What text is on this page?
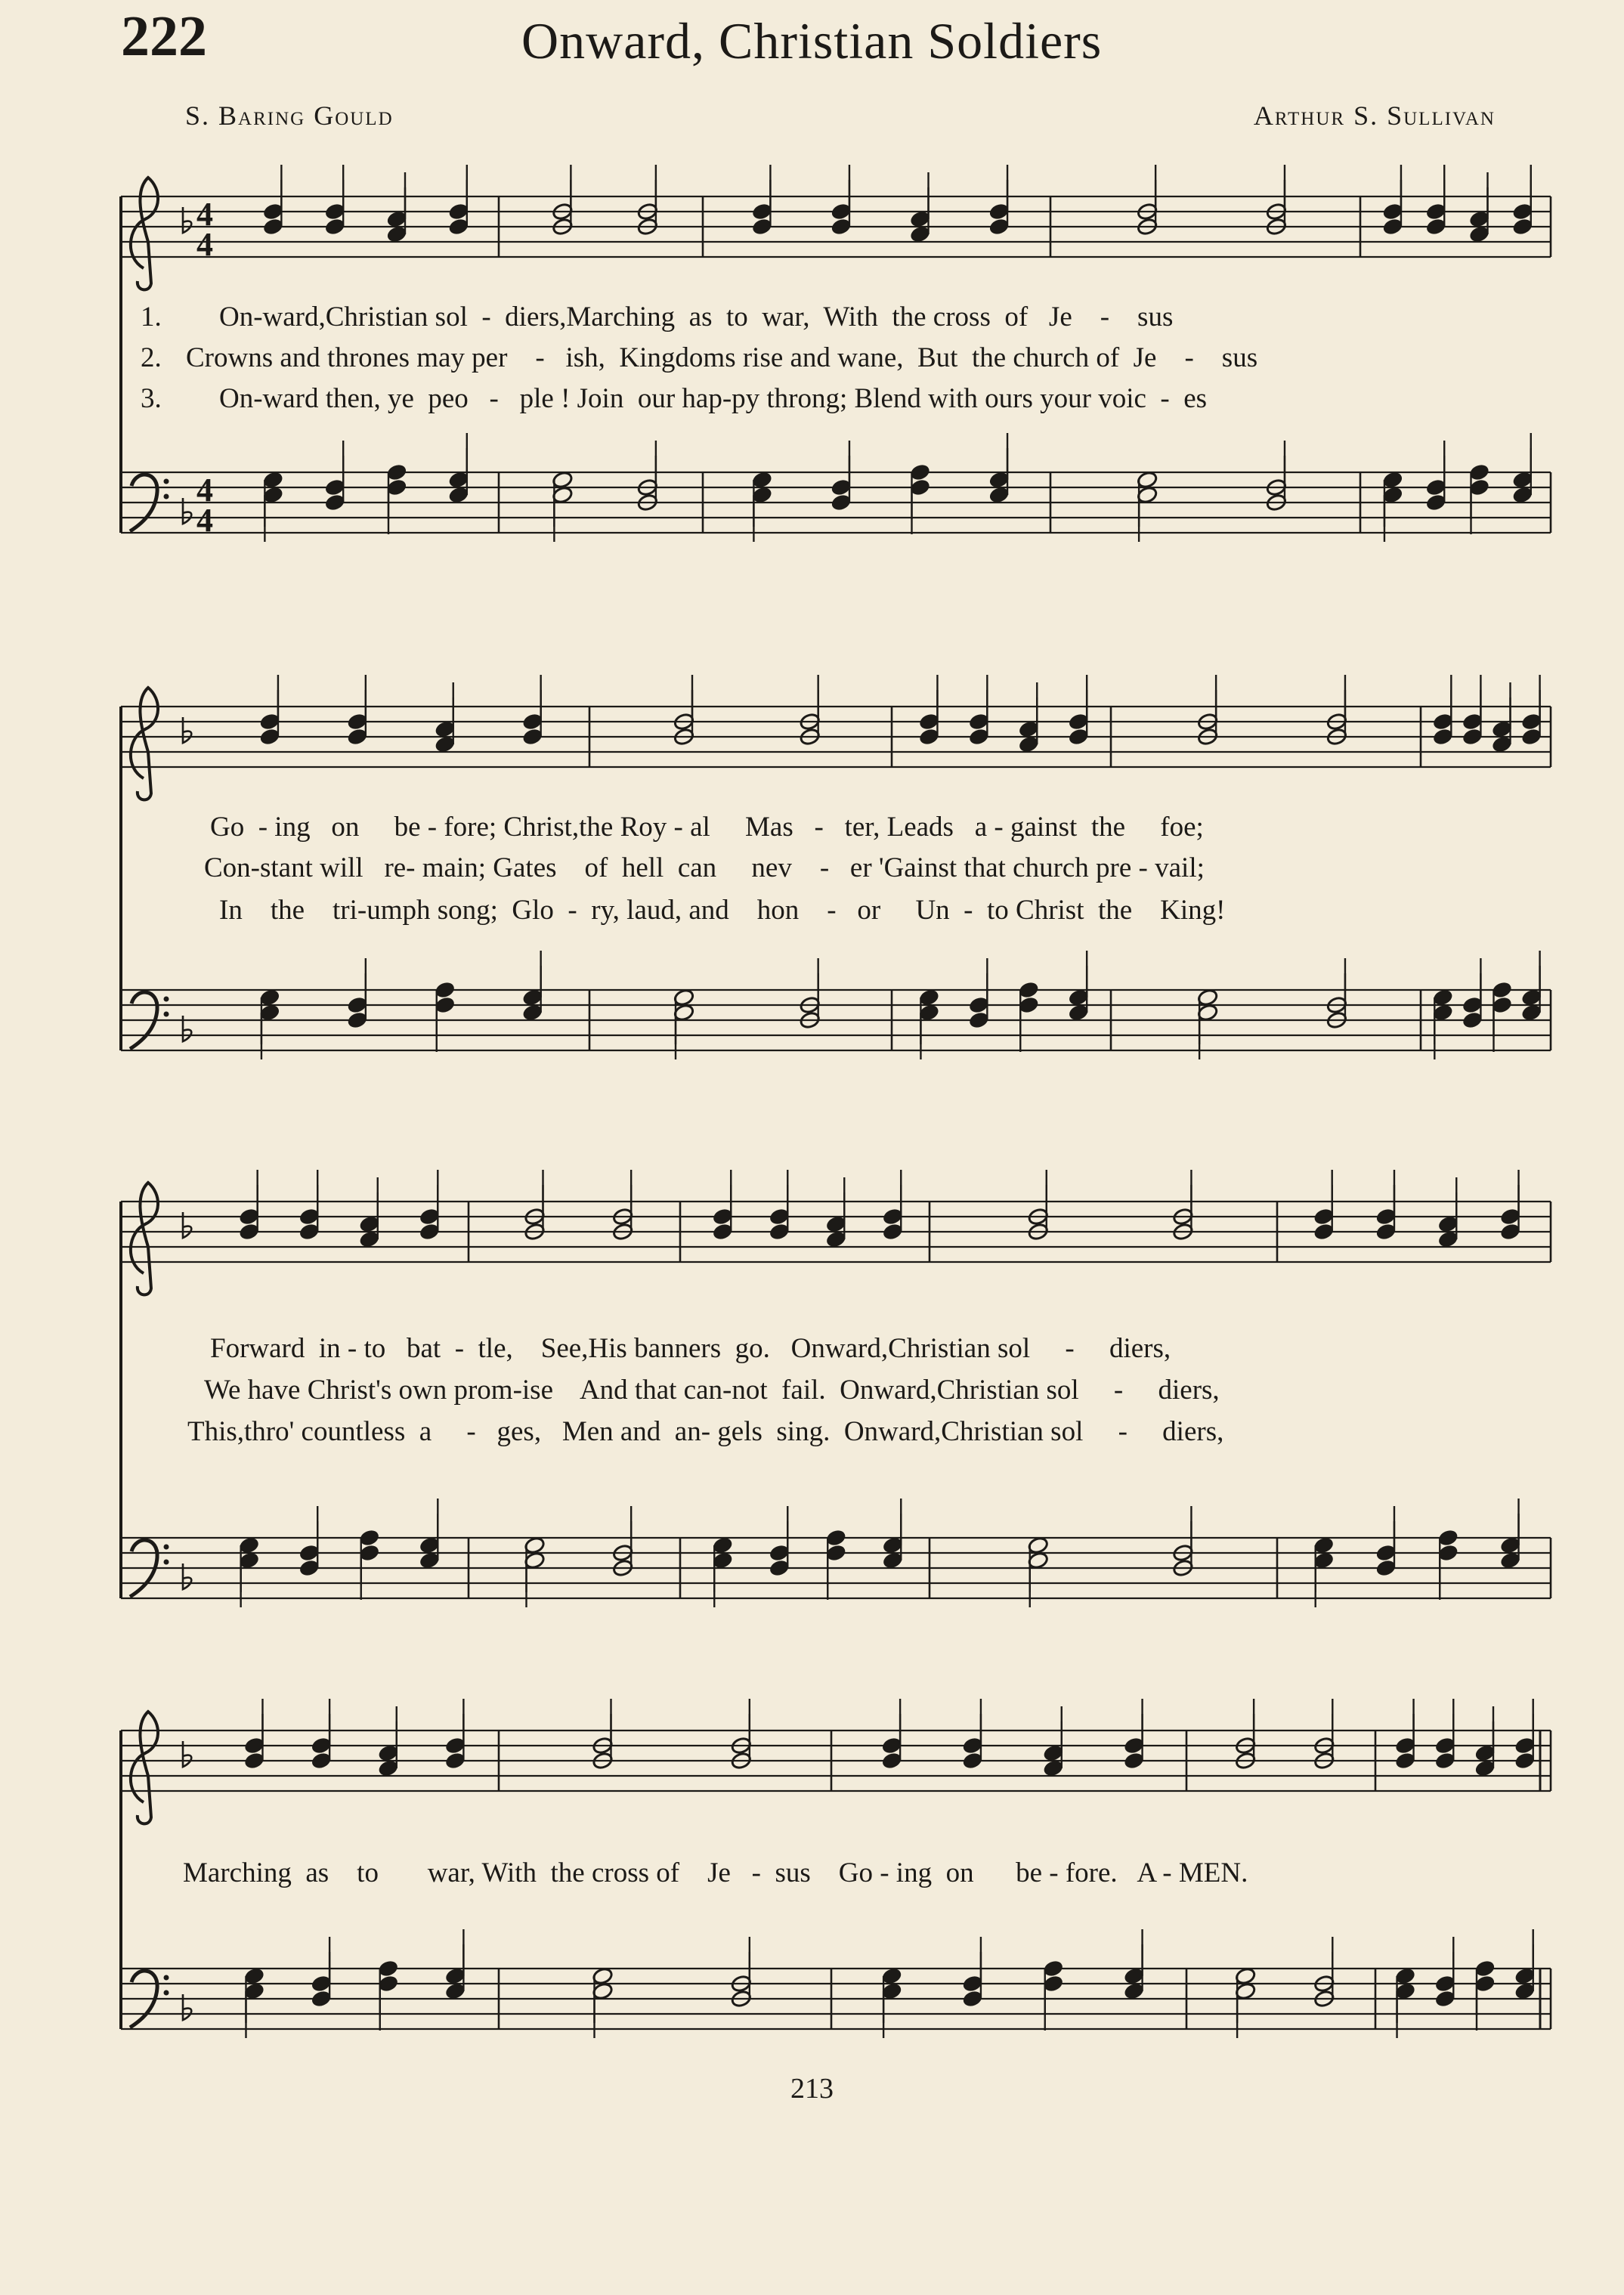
222	Onward, Christian Soldiers
S. Baring Gould	Arthur S. Sullivan
4
4
4
4
1. On-ward,Christian sol  -  diers,Marching  as  to  war,  With  the cross  of   Je    -    sus
2. Crowns and thrones may per    -   ish,  Kingdoms rise and wane,  But  the church of  Je    -    sus
3. On-ward then, ye  peo   -   ple ! Join  our hap-py throng; Blend with ours your voic  -  es
Go  - ing   on     be - fore; Christ,the Roy - al     Mas   -   ter, Leads   a - gainst  the     foe;
Con-stant will   re- main; Gates    of  hell  can     nev    -   er 'Gainst that church pre - vail;
In    the    tri-umph song;  Glo  -  ry, laud, and    hon    -   or     Un  -  to Christ  the    King!
Forward  in - to   bat  -  tle,    See,His banners  go.   Onward,Christian sol     -     diers,
We have Christ's own prom-ise    And that can-not  fail.  Onward,Christian sol     -     diers,
This,thro' countless  a     -   ges,   Men and  an- gels  sing.  Onward,Christian sol     -     diers,
Marching  as    to       war, With  the cross of    Je   -  sus    Go - ing  on      be - fore.   A - MEN.
213
